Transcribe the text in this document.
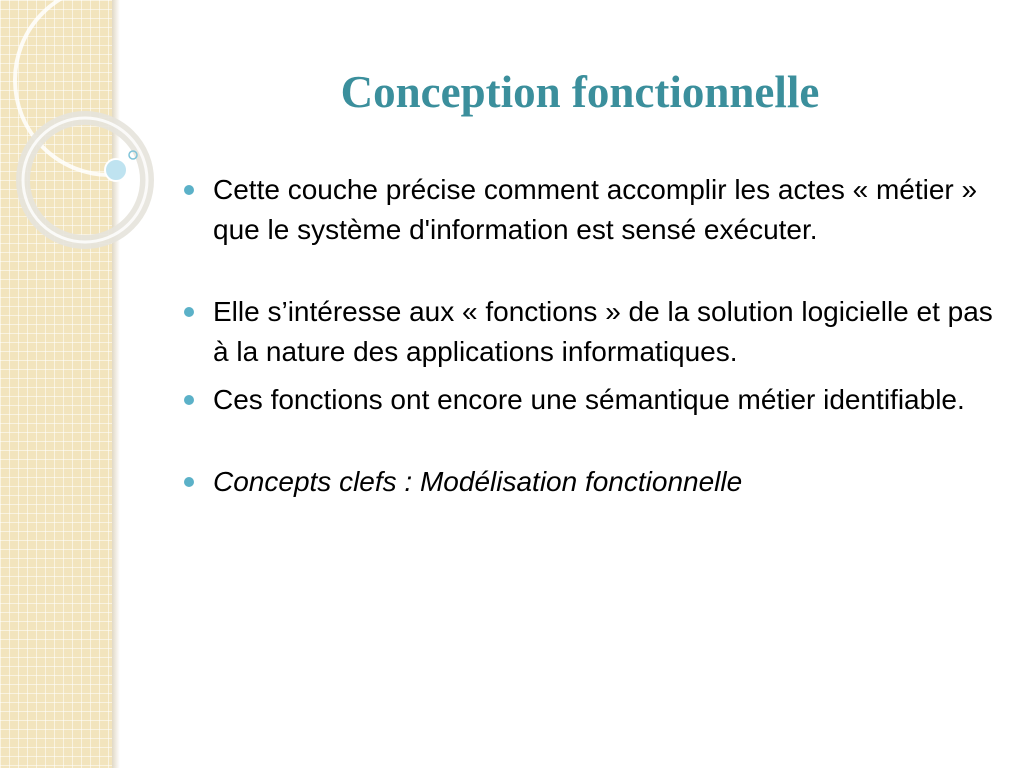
Conception fonctionnelle
Cette couche précise comment accomplir les actes « métier » que le système d'information est sensé exécuter.
Elle s’intéresse aux « fonctions » de la solution logicielle et pas à la nature des applications informatiques.
Ces fonctions ont encore une sémantique métier identifiable.
Concepts clefs : Modélisation fonctionnelle
